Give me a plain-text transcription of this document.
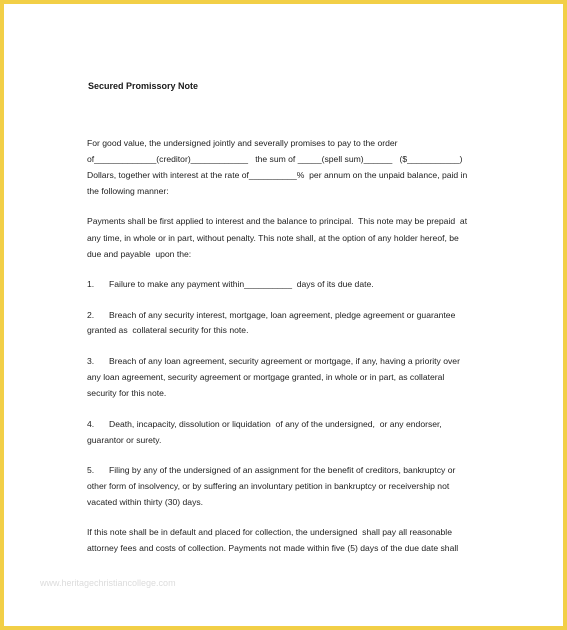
Secured Promissory Note
For good value, the undersigned jointly and severally promises to pay to the order
of_____________(creditor)____________   the sum of _____(spell sum)______   ($___________)
Dollars, together with interest at the rate of__________%  per annum on the unpaid balance, paid in
the following manner:
Payments shall be first applied to interest and the balance to principal.  This note may be prepaid  at
any time, in whole or in part, without penalty. This note shall, at the option of any holder hereof, be
due and payable  upon the:
1. Failure to make any payment within__________  days of its due date.
2. Breach of any security interest, mortgage, loan agreement, pledge agreement or guarantee
granted as  collateral security for this note.
3. Breach of any loan agreement, security agreement or mortgage, if any, having a priority over
any loan agreement, security agreement or mortgage granted, in whole or in part, as collateral
security for this note.
4. Death, incapacity, dissolution or liquidation  of any of the undersigned,  or any endorser,
guarantor or surety.
5. Filing by any of the undersigned of an assignment for the benefit of creditors, bankruptcy or
other form of insolvency, or by suffering an involuntary petition in bankruptcy or receivership not
vacated within thirty (30) days.
If this note shall be in default and placed for collection, the undersigned  shall pay all reasonable
attorney fees and costs of collection. Payments not made within five (5) days of the due date shall
www.heritagechristiancollege.com
